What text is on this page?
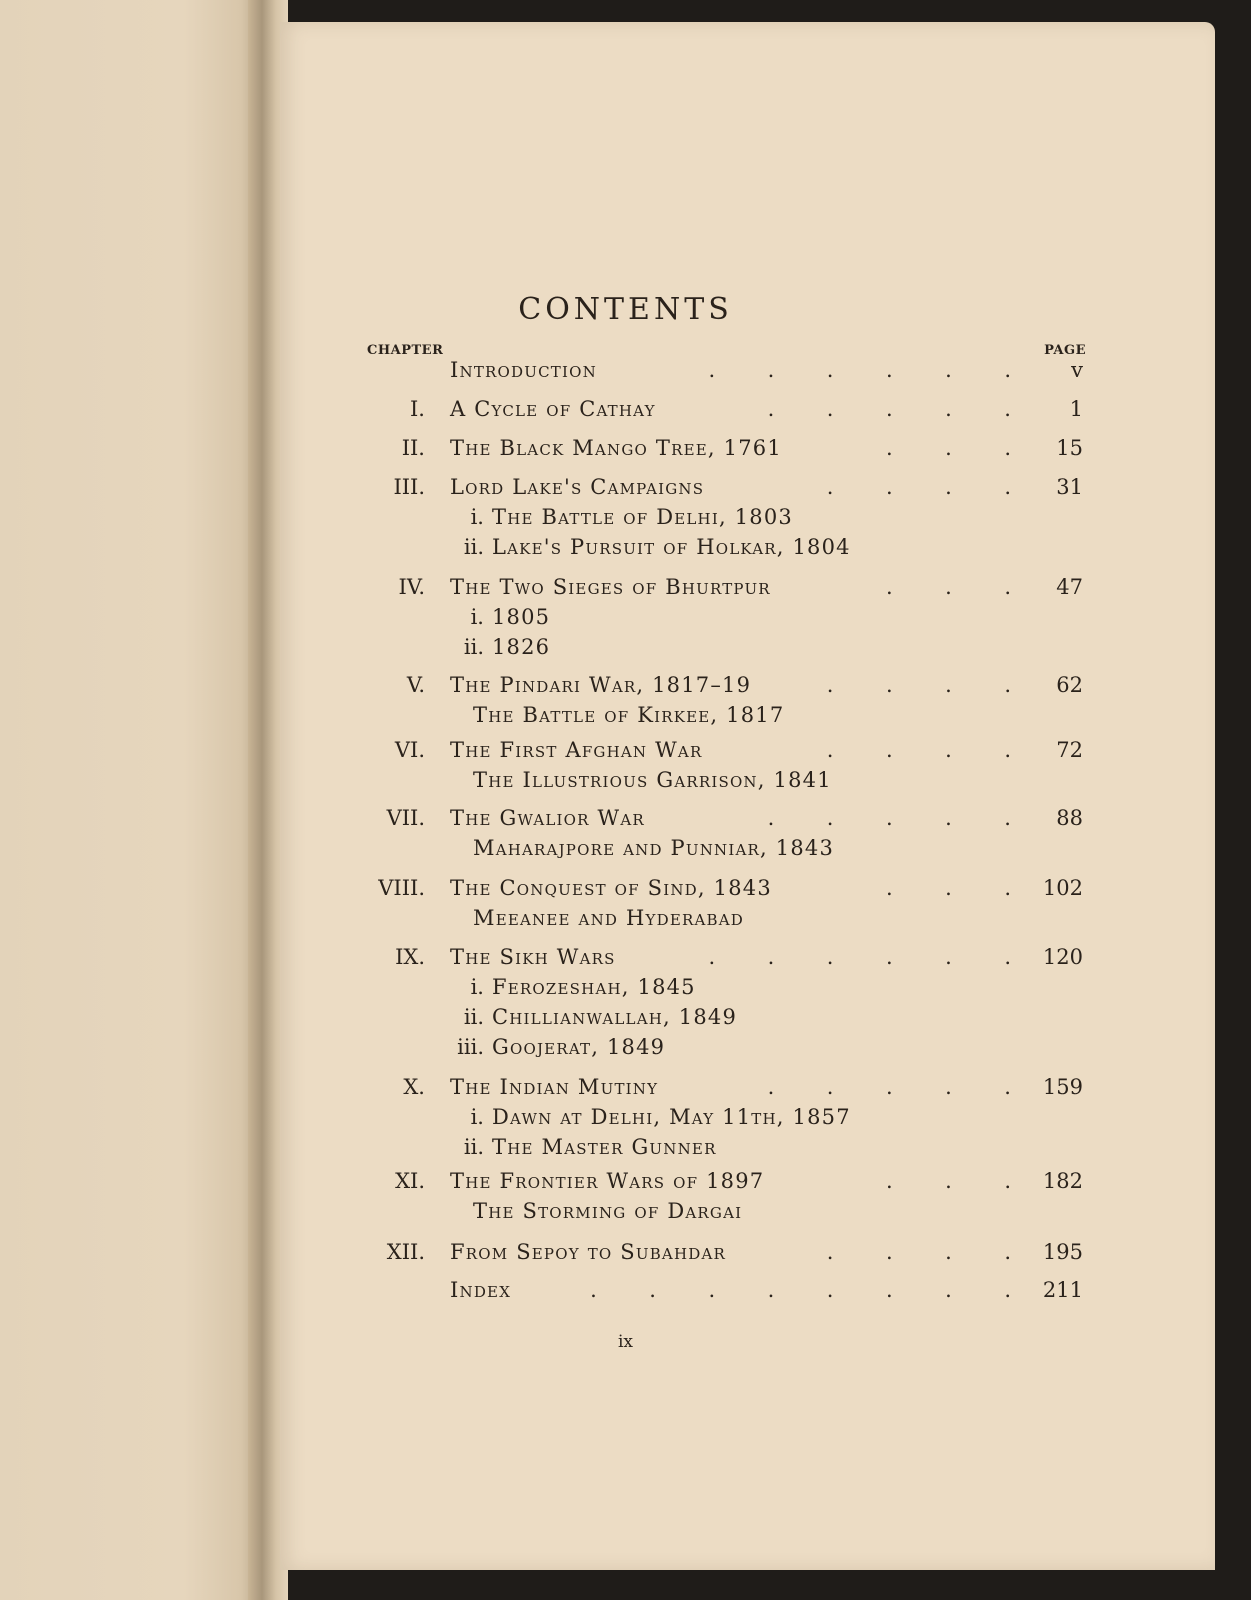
CONTENTS
CHAPTER	PAGE
Introduction	.   .   .   .   .   .	v
I. A Cycle of Cathay	.   .   .   .   .	1
II. The Black Mango Tree, 1761	.   .   . 15
III. Lord Lake's Campaigns	.   .   .   . 31
i. The Battle of Delhi, 1803
ii. Lake's Pursuit of Holkar, 1804
IV. The Two Sieges of Bhurtpur	.   .   . 47
i. 1805
ii. 1826
V. The Pindari War, 1817–19	.   .   .   . 62
The Battle of Kirkee, 1817
VI. The First Afghan War	.   .   .   . 72
The Illustrious Garrison, 1841
VII. The Gwalior War	.   .   .   .   . 88
Maharajpore and Punniar, 1843
VIII. The Conquest of Sind, 1843	.   .   . 102
Meeanee and Hyderabad
IX. The Sikh Wars	.   .   .   .   .   . 120
i. Ferozeshah, 1845
ii. Chillianwallah, 1849
iii. Goojerat, 1849
X. The Indian Mutiny	.   .   .   .   . 159
i. Dawn at Delhi, May 11th, 1857
ii. The Master Gunner
XI. The Frontier Wars of 1897	.   .   . 182
The Storming of Dargai
XII. From Sepoy to Subahdar	.   .   .   . 195
Index	.   .   .   .   .   .   .   . 211
ix
